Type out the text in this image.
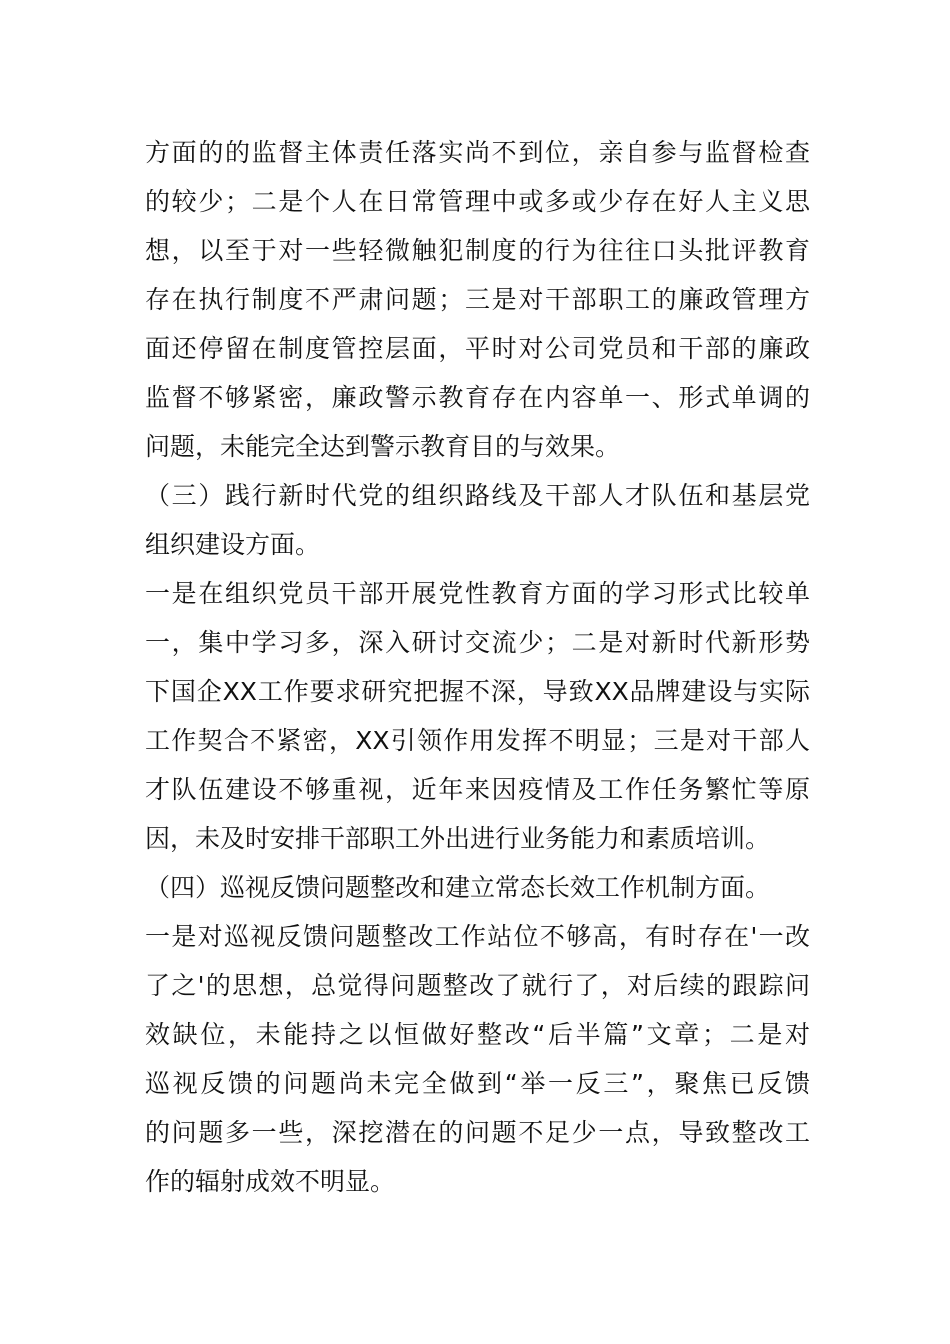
方面的的监督主体责任落实尚不到位，亲自参与监督检查
的较少；二是个人在日常管理中或多或少存在好人主义思
想，以至于对一些轻微触犯制度的行为往往口头批评教育
存在执行制度不严肃问题；三是对干部职工的廉政管理方
面还停留在制度管控层面，平时对公司党员和干部的廉政
监督不够紧密，廉政警示教育存在内容单一、形式单调的
问题，未能完全达到警示教育目的与效果。
（三）践行新时代党的组织路线及干部人才队伍和基层党
组织建设方面。
一是在组织党员干部开展党性教育方面的学习形式比较单
一，集中学习多，深入研讨交流少；二是对新时代新形势
下国企XX工作要求研究把握不深，导致XX品牌建设与实际
工作契合不紧密，XX引领作用发挥不明显；三是对干部人
才队伍建设不够重视，近年来因疫情及工作任务繁忙等原
因，未及时安排干部职工外出进行业务能力和素质培训。
（四）巡视反馈问题整改和建立常态长效工作机制方面。
一是对巡视反馈问题整改工作站位不够高，有时存在'一改
了之'的思想，总觉得问题整改了就行了，对后续的跟踪问
效缺位，未能持之以恒做好整改“后半篇”文章；二是对
巡视反馈的问题尚未完全做到“举一反三”，聚焦已反馈
的问题多一些，深挖潜在的问题不足少一点，导致整改工
作的辐射成效不明显。
